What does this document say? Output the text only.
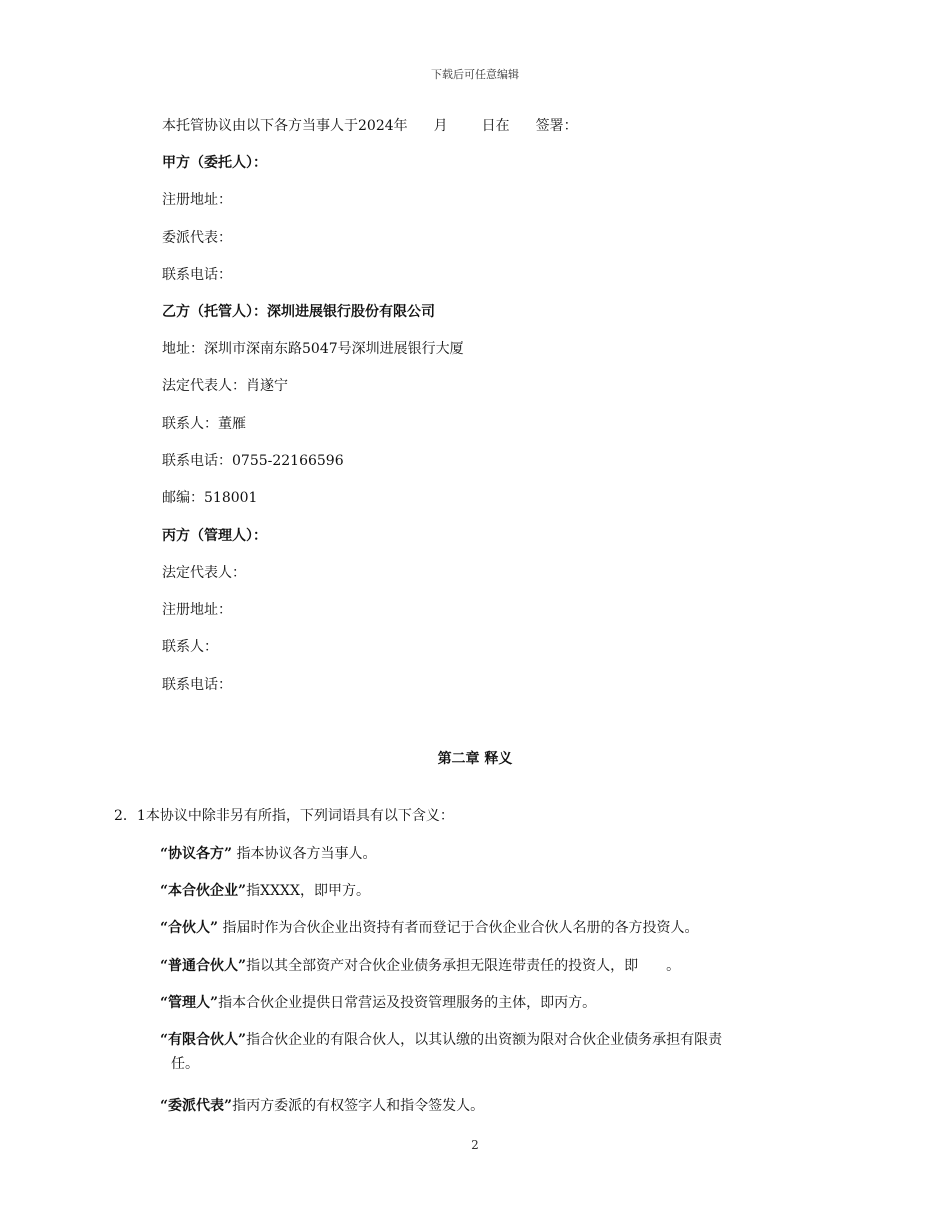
下载后可任意编辑
本托管协议由以下各方当事人于2024年 月 日在 签署：
甲方（委托人）：
注册地址：
委派代表：
联系电话：
乙方（托管人）：深圳进展银行股份有限公司
地址：深圳市深南东路5047号深圳进展银行大厦
法定代表人：肖遂宁
联系人：董雁
联系电话：0755-22166596
邮编：518001
丙方（管理人）：
法定代表人：
注册地址：
联系人：
联系电话：
第二章 释义
2．1本协议中除非另有所指，下列词语具有以下含义：
“协议各方” 指本协议各方当事人。
“本合伙企业”指XXXX，即甲方。
“合伙人” 指届时作为合伙企业出资持有者而登记于合伙企业合伙人名册的各方投资人。
“普通合伙人”指以其全部资产对合伙企业债务承担无限连带责任的投资人，即　　。
“管理人”指本合伙企业提供日常营运及投资管理服务的主体，即丙方。
“有限合伙人”指合伙企业的有限合伙人，以其认缴的出资额为限对合伙企业债务承担有限责
任。
“委派代表”指丙方委派的有权签字人和指令签发人。
2
